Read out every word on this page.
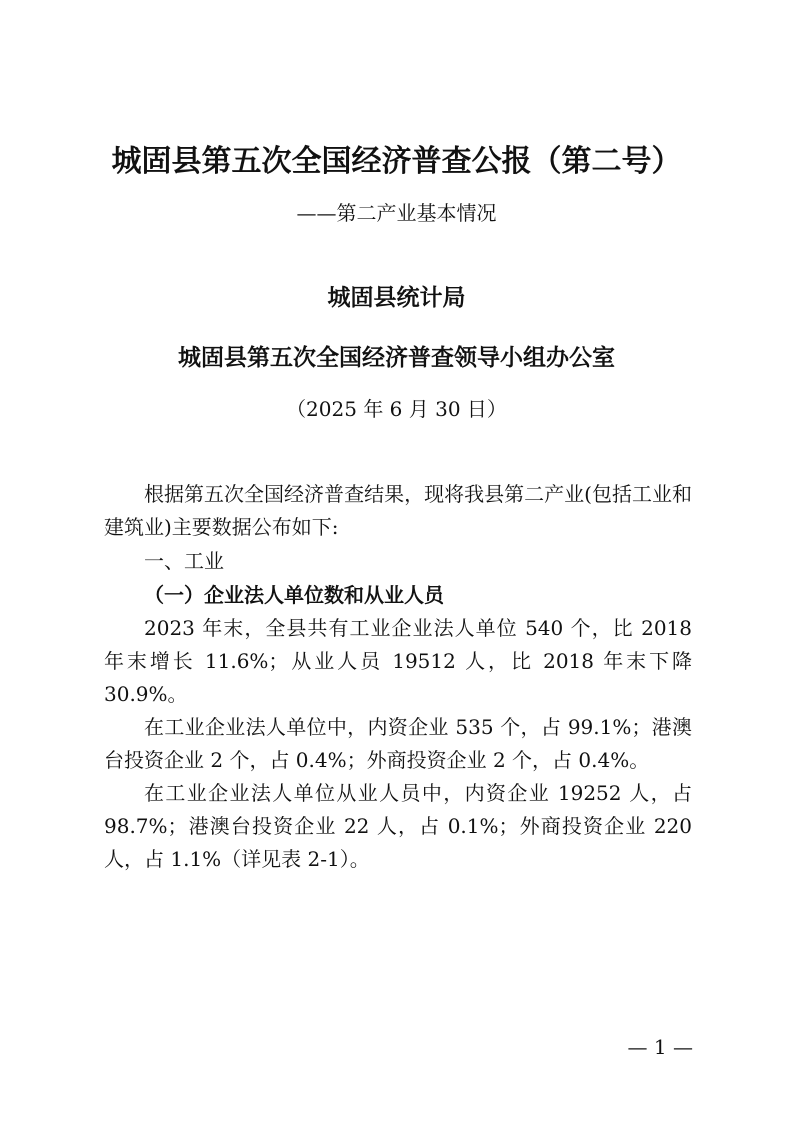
城固县第五次全国经济普查公报（第二号）
——第二产业基本情况
城固县统计局
城固县第五次全国经济普查领导小组办公室
（2025 年 6 月 30 日）

根据第五次全国经济普查结果，现将我县第二产业(包括工业和建筑业)主要数据公布如下:

一、工业
（一）企业法人单位数和从业人员

2023 年末，全县共有工业企业法人单位 540 个，比 2018 年末增长 11.6%；从业人员 19512 人，比 2018 年末下降 30.9%。

在工业企业法人单位中，内资企业 535 个，占 99.1%；港澳台投资企业 2 个，占 0.4%；外商投资企业 2 个，占 0.4%。

在工业企业法人单位从业人员中，内资企业 19252 人，占 98.7%；港澳台投资企业 22 人，占 0.1%；外商投资企业 220 人，占 1.1%（详见表 2-1）。

— 1 —
